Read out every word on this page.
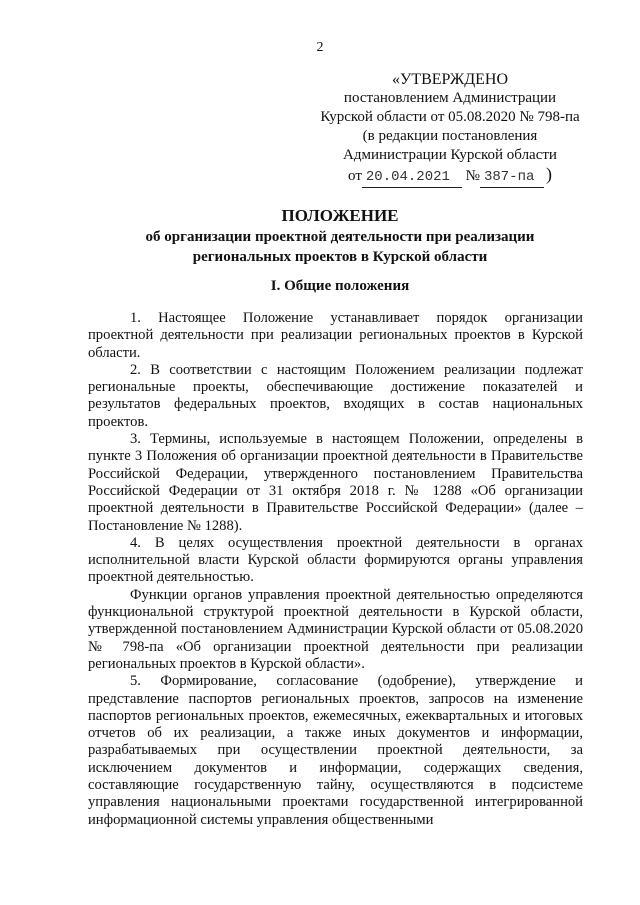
2
«УТВЕРЖДЕНО
постановлением Администрации
Курской области от 05.08.2020 № 798-па
(в редакции постановления
Администрации Курской области
от 20.04.2021 № 387-па )
ПОЛОЖЕНИЕ
об организации проектной деятельности при реализации
региональных проектов в Курской области
I. Общие положения

1. Настоящее Положение устанавливает порядок организации проектной деятельности при реализации региональных проектов в Курской области.

2. В соответствии с настоящим Положением реализации подлежат региональные проекты, обеспечивающие достижение показателей и результатов федеральных проектов, входящих в состав национальных проектов.

3. Термины, используемые в настоящем Положении, определены в пункте 3 Положения об организации проектной деятельности в Правительстве Российской Федерации, утвержденного постановлением Правительства Российской Федерации от 31 октября 2018 г. № 1288 «Об организации проектной деятельности в Правительстве Российской Федерации» (далее – Постановление № 1288).

4. В целях осуществления проектной деятельности в органах исполнительной власти Курской области формируются органы управления проектной деятельностью.

Функции органов управления проектной деятельностью определяются функциональной структурой проектной деятельности в Курской области, утвержденной постановлением Администрации Курской области от 05.08.2020 № 798-па «Об организации проектной деятельности при реализации региональных проектов в Курской области».

5. Формирование, согласование (одобрение), утверждение и представление паспортов региональных проектов, запросов на изменение паспортов региональных проектов, ежемесячных, ежеквартальных и итоговых отчетов об их реализации, а также иных документов и информации, разрабатываемых при осуществлении проектной деятельности, за исключением документов и информации, содержащих сведения, составляющие государственную тайну, осуществляются в подсистеме управления национальными проектами государственной интегрированной информационной системы управления общественными
